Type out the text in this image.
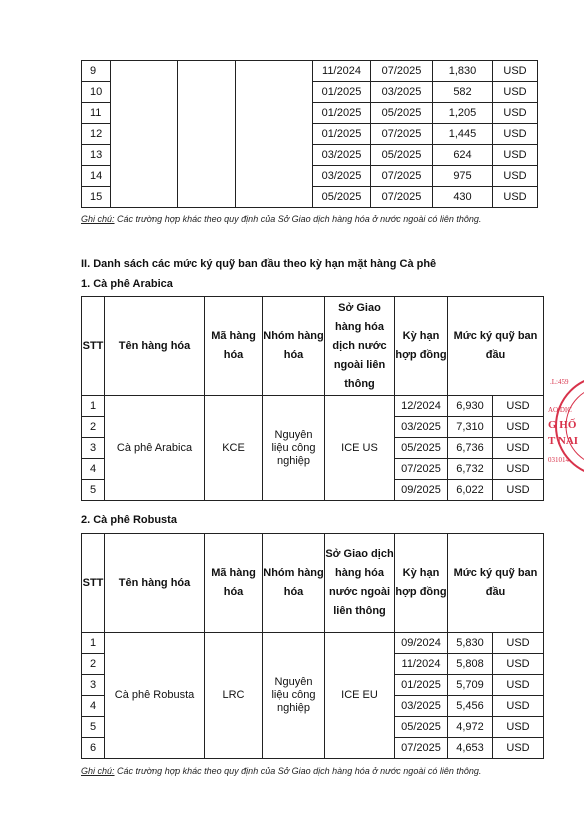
9				11/2024	07/2025	1,830	USD
10				01/2025	03/2025	582	USD
11				01/2025	05/2025	1,205	USD
12				01/2025	07/2025	1,445	USD
13				03/2025	05/2025	624	USD
14				03/2025	07/2025	975	USD
15				05/2025	07/2025	430	USD
Ghi chú: Các trường hợp khác theo quy định của Sở Giao dịch hàng hóa ở nước ngoài có liên thông.
II. Danh sách các mức ký quỹ ban đầu theo kỳ hạn mặt hàng Cà phê
1. Cà phê Arabica
STT	Tên hàng hóa	Mã hàng hóa	Nhóm hàng hóa	Sở Giao hàng hóa dịch nước ngoài liên thông	Kỳ hạn hợp đồng	Mức ký quỹ ban đầu	
1	Cà phê Arabica	KCE	Nguyên liệu công nghiệp	ICE US	12/2024	6,930	USD
2					03/2025	7,310	USD
3					05/2025	6,736	USD
4					07/2025	6,732	USD
5					09/2025	6,022	USD
2. Cà phê Robusta
STT	Tên hàng hóa	Mã hàng hóa	Nhóm hàng hóa	Sở Giao dịch hàng hóa nước ngoài liên thông	Kỳ hạn hợp đồng	Mức ký quỹ ban đầu	
1	Cà phê Robusta	LRC	Nguyên liệu công nghiệp	ICE EU	09/2024	5,830	USD
2					11/2024	5,808	USD
3					01/2025	5,709	USD
4					03/2025	5,456	USD
5					05/2025	4,972	USD
6					07/2025	4,653	USD
Ghi chú: Các trường hợp khác theo quy định của Sở Giao dịch hàng hóa ở nước ngoài có liên thông.
.L:459
AO DỊC
G HỐ
T NAI
031014
